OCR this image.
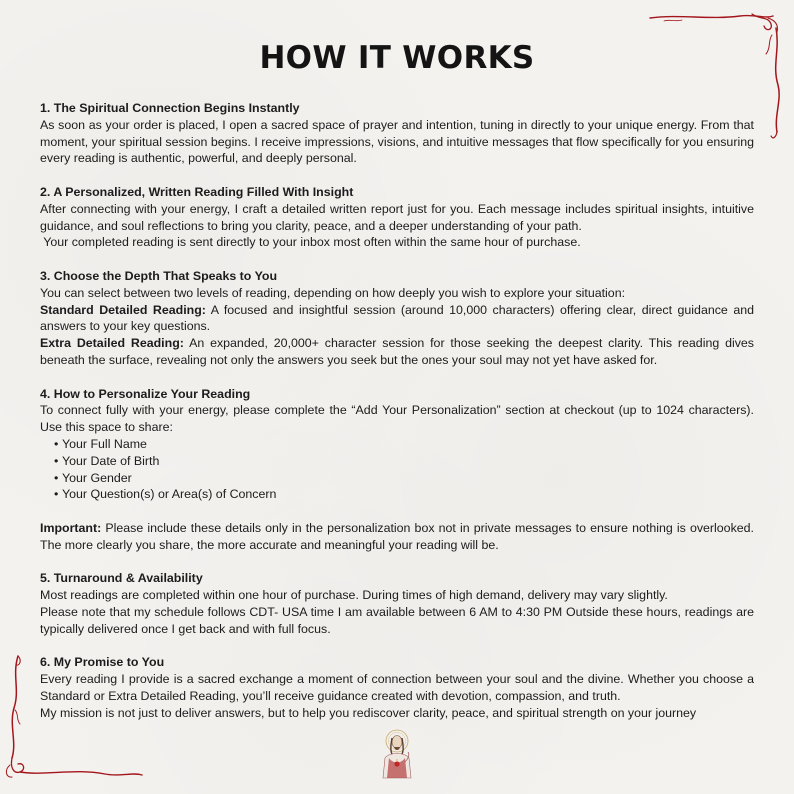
HOW IT WORKS
1. The Spiritual Connection Begins Instantly

As soon as your order is placed, I open a sacred space of prayer and intention, tuning in directly to your unique energy. From that moment, your spiritual session begins. I receive impressions, visions, and intuitive messages that flow specifically for you ensuring every reading is authentic, powerful, and deeply personal.

2. A Personalized, Written Reading Filled With Insight

After connecting with your energy, I craft a detailed written report just for you. Each message includes spiritual insights, intuitive guidance, and soul reflections to bring you clarity, peace, and a deeper understanding of your path.

Your completed reading is sent directly to your inbox most often within the same hour of purchase.

3. Choose the Depth That Speaks to You

You can select between two levels of reading, depending on how deeply you wish to explore your situation:

Standard Detailed Reading: A focused and insightful session (around 10,000 characters) offering clear, direct guidance and answers to your key questions.

Extra Detailed Reading: An expanded, 20,000+ character session for those seeking the deepest clarity. This reading dives beneath the surface, revealing not only the answers you seek but the ones your soul may not yet have asked for.

4. How to Personalize Your Reading

To connect fully with your energy, please complete the “Add Your Personalization” section at checkout (up to 1024 characters). Use this space to share:

• Your Full Name
• Your Date of Birth
• Your Gender
• Your Question(s) or Area(s) of Concern

Important: Please include these details only in the personalization box not in private messages to ensure nothing is overlooked. The more clearly you share, the more accurate and meaningful your reading will be.

5. Turnaround & Availability

Most readings are completed within one hour of purchase. During times of high demand, delivery may vary slightly.

Please note that my schedule follows CDT- USA time I am available between 6 AM to 4:30 PM Outside these hours, readings are typically delivered once I get back and with full focus.

6. My Promise to You

Every reading I provide is a sacred exchange a moment of connection between your soul and the divine. Whether you choose a Standard or Extra Detailed Reading, you’ll receive guidance created with devotion, compassion, and truth.

My mission is not just to deliver answers, but to help you rediscover clarity, peace, and spiritual strength on your journey
